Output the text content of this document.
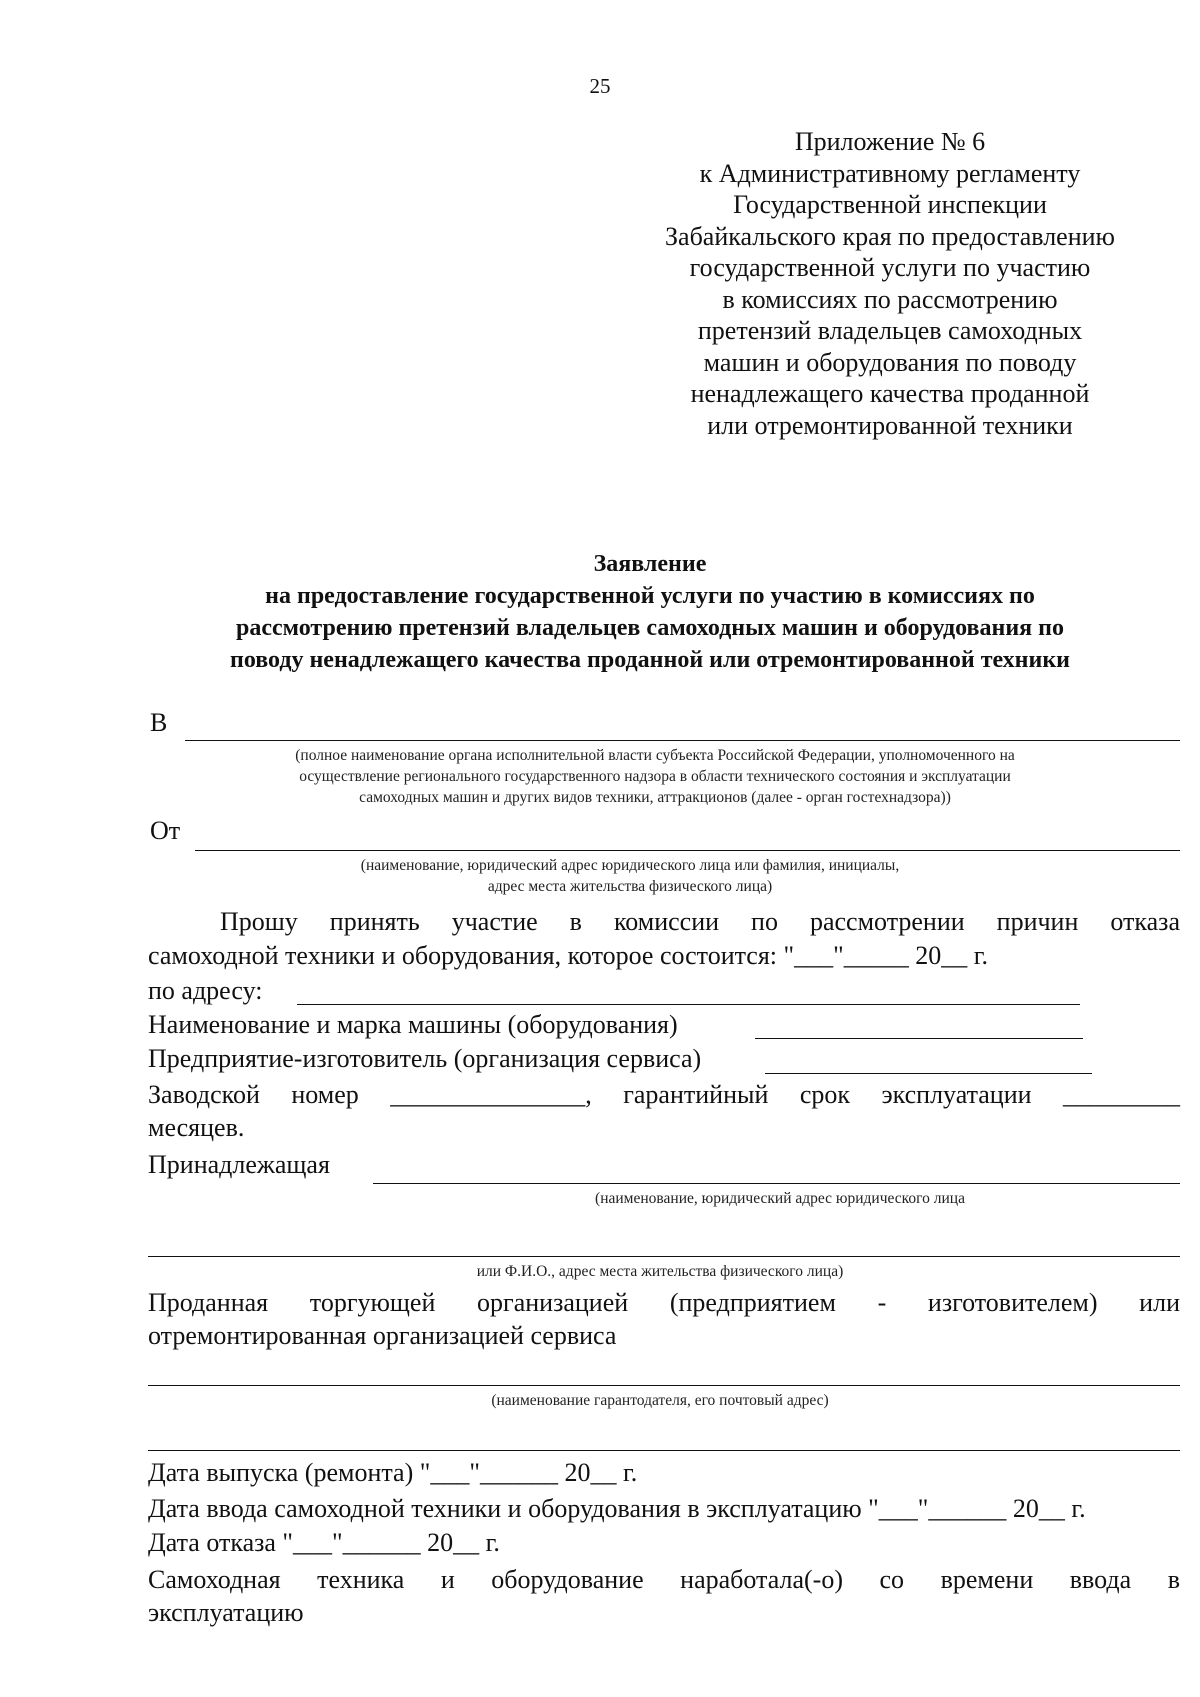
25
Приложение № 6
к Административному регламенту
Государственной инспекции
Забайкальского края по предоставлению
государственной услуги по участию
в комиссиях по рассмотрению
претензий владельцев самоходных
машин и оборудования по поводу
ненадлежащего качества проданной
или отремонтированной техники
Заявление
на предоставление государственной услуги по участию в комиссиях по
рассмотрению претензий владельцев самоходных машин и оборудования по
поводу ненадлежащего качества проданной или отремонтированной техники
В
(полное наименование органа исполнительной власти субъекта Российской Федерации, уполномоченного на
осуществление регионального государственного надзора в области технического состояния и эксплуатации
самоходных машин и других видов техники, аттракционов (далее - орган гостехнадзора))
От
(наименование, юридический адрес юридического лица или фамилия, инициалы,
адрес места жительства физического лица)
Прошу принять участие в комиссии по рассмотрении причин отказа
самоходной техники и оборудования, которое состоится: "___"_____ 20__ г.
по адресу:
Наименование и марка машины (оборудования)
Предприятие-изготовитель (организация сервиса)
Заводской номер _______________, гарантийный срок эксплуатации _________
месяцев.
Принадлежащая
(наименование, юридический адрес юридического лица
или Ф.И.О., адрес места жительства физического лица)
Проданная торгующей организацией (предприятием - изготовителем) или
отремонтированная организацией сервиса
(наименование гарантодателя, его почтовый адрес)
Дата выпуска (ремонта) "___"______ 20__ г.
Дата ввода самоходной техники и оборудования в эксплуатацию "___"______ 20__ г.
Дата отказа "___"______ 20__ г.
Самоходная техника и оборудование наработала(-о) со времени ввода в
эксплуатацию
